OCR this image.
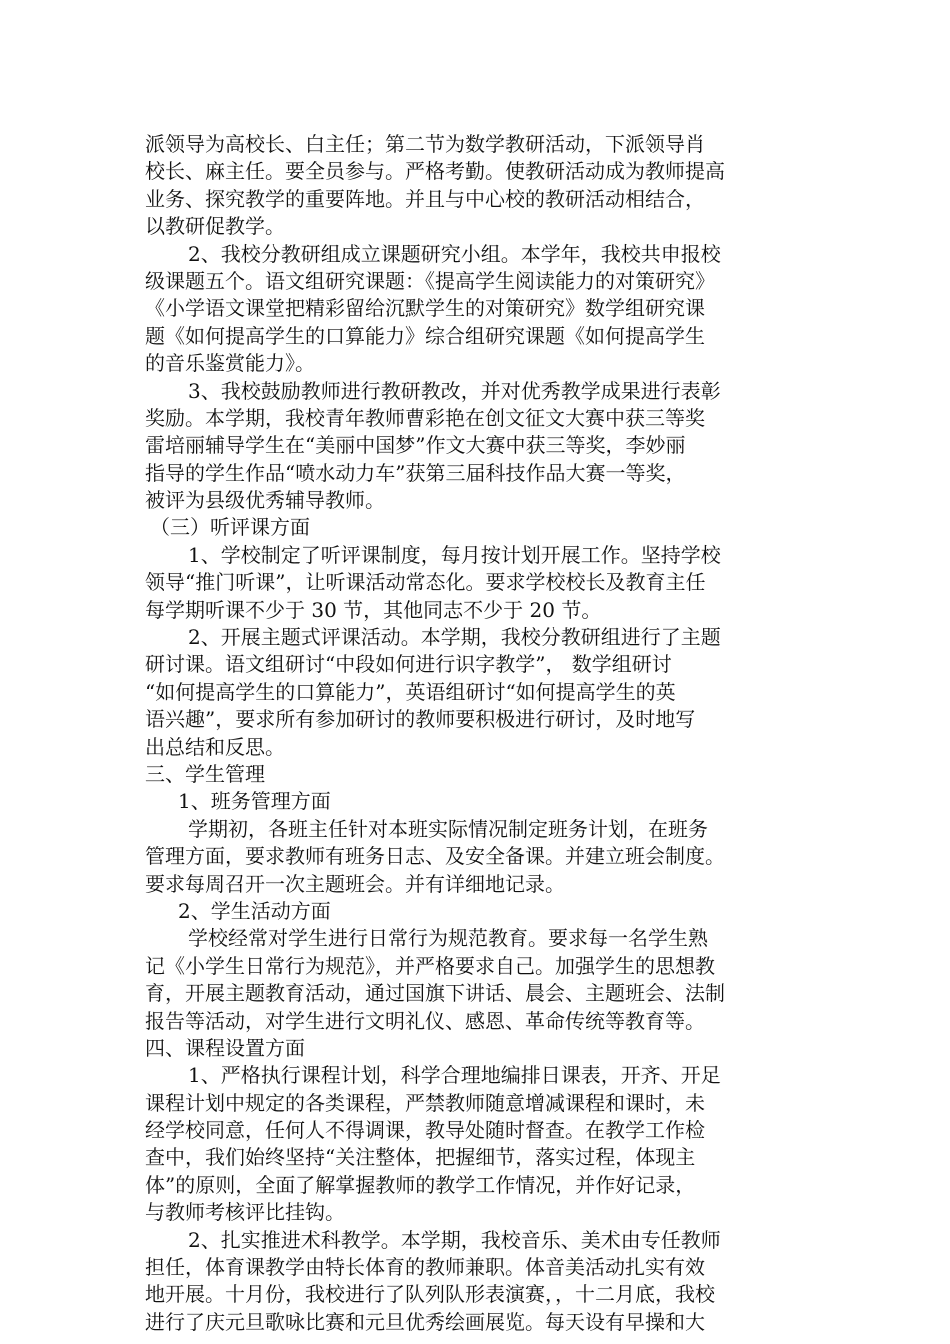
派领导为高校长、白主任；第二节为数学教研活动，下派领导肖
校长、麻主任。要全员参与。严格考勤。使教研活动成为教师提高
业务、探究教学的重要阵地。并且与中心校的教研活动相结合，
以教研促教学。
2、我校分教研组成立课题研究小组。本学年，我校共申报校
级课题五个。语文组研究课题：《提高学生阅读能力的对策研究》
《小学语文课堂把精彩留给沉默学生的对策研究》数学组研究课
题《如何提高学生的口算能力》综合组研究课题《如何提高学生
的音乐鉴赏能力》。
3、我校鼓励教师进行教研教改，并对优秀教学成果进行表彰
奖励。本学期，我校青年教师曹彩艳在创文征文大赛中获三等奖
雷培丽辅导学生在“美丽中国梦”作文大赛中获三等奖，李妙丽
指导的学生作品“喷水动力车”获第三届科技作品大赛一等奖，
被评为县级优秀辅导教师。
（三）听评课方面
1、学校制定了听评课制度，每月按计划开展工作。坚持学校
领导“推门听课”，让听课活动常态化。要求学校校长及教育主任
每学期听课不少于 30 节，其他同志不少于 20 节。
2、开展主题式评课活动。本学期，我校分教研组进行了主题
研讨课。语文组研讨“中段如何进行识字教学”， 数学组研讨
“如何提高学生的口算能力”，英语组研讨“如何提高学生的英
语兴趣”，要求所有参加研讨的教师要积极进行研讨，及时地写
出总结和反思。
三、学生管理
1、班务管理方面
学期初，各班主任针对本班实际情况制定班务计划，在班务
管理方面，要求教师有班务日志、及安全备课。并建立班会制度。
要求每周召开一次主题班会。并有详细地记录。
2、学生活动方面
学校经常对学生进行日常行为规范教育。要求每一名学生熟
记《小学生日常行为规范》，并严格要求自己。加强学生的思想教
育，开展主题教育活动，通过国旗下讲话、晨会、主题班会、法制
报告等活动，对学生进行文明礼仪、感恩、革命传统等教育等。
四、课程设置方面
1、严格执行课程计划，科学合理地编排日课表，开齐、开足
课程计划中规定的各类课程，严禁教师随意增减课程和课时，未
经学校同意，任何人不得调课，教导处随时督查。在教学工作检
查中，我们始终坚持“关注整体，把握细节，落实过程，体现主
体”的原则，全面了解掌握教师的教学工作情况，并作好记录，
与教师考核评比挂钩。
2、扎实推进术科教学。本学期，我校音乐、美术由专任教师
担任，体育课教学由特长体育的教师兼职。体音美活动扎实有效
地开展。十月份，我校进行了队列队形表演赛，，十二月底，我校
进行了庆元旦歌咏比赛和元旦优秀绘画展览。每天设有早操和大
